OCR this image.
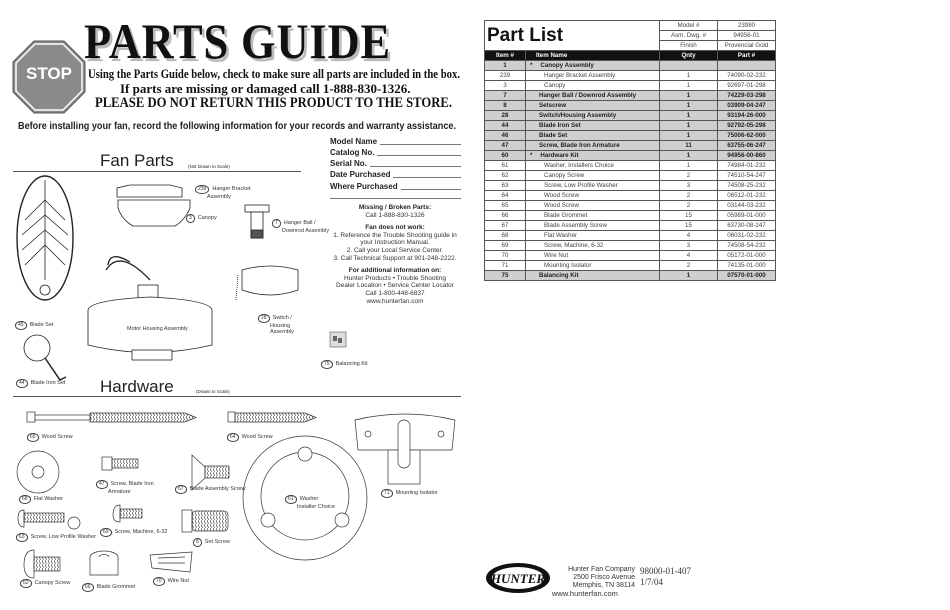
PARTS GUIDE
STOP	Using the Parts Guide below, check to make sure all parts are included in the box.
If parts are missing or damaged call 1-888-830-1326.
PLEASE DO NOT RETURN THIS PRODUCT TO THE STORE.
Before installing your fan, record the following information for your records and warranty assistance.
Model Name
Catalog No.
Serial No.
Date Purchased
Where Purchased
Missing / Broken Parts:
Call 1-888-830-1326

Fan does not work:
1. Reference the Trouble Shooting guide in
your Instruction Manual.
2. Call your Local Service Center.
3. Call Technical Support at 901-248-2222.

For additional information on:
Hunter Products • Trouble Shooting
Dealer Location • Service Center Locator
Call 1-800-448-6837
www.hunterfan.com
Fan Parts	(Not Drawn to Scale)
239 Hanger Bracket
Assembly
3 Canopy
7 Hanger Ball /
Downrod Assembly
Motor Housing Assembly
28 Switch /
Housing
Assembly
45 Blade Set
44 Blade Iron Set
75 Balancing Kit
Hardware	(Drawn to Scale)
65 Wood Screw	64 Wood Screw
68 Flat Washer
47 Screw, Blade Iron
Armature	67 Blade Assembly Screw
61 Washer
Installer Choice
71 Mounting Isolator
63 Screw, Low Profile Washer
69 Screw, Machine, 6-32
8 Set Screw
62 Canopy Screw
66 Blade Grommet
70 Wire Nut
Part List		Model #	23980
		Asm. Dwg. #	94956-01
		Finish	Provencial Gold
Item #	Item Name	Qnty	Part #
1	* Canopy Assembly		
239	Hanger Bracket Assembly	1	74090-02-232
3	Canopy	1	92697-01-298
7	Hanger Ball / Downrod Assembly	1	74229-03-298
8	Setscrew	1	03909-04-247
28	Switch/Housing Assembly	1	93194-26-000
44	Blade Iron Set	1	92792-05-298
46	Blade Set	1	75006-62-000
47	Screw, Blade Iron Armature	11	63755-06-247
60	* Hardware Kit	1	94956-00-860
61	Washer, Installers Choice	1	74984-01-232
62	Canopy Screw	2	74510-54-247
63	Screw, Low Profile Washer	3	74508-25-232
64	Wood Screw	2	06512-01-232
65	Wood Screw	2	03144-03-232
66	Blade Grommet	15	05989-01-000
67	Blade Assembly Screw	15	63730-08-247
68	Flat Washer	4	06031-02-232
69	Screw, Machine, 6-32	3	74508-54-232
70	Wire Nut	4	05172-01-000
71	Mounting Isolator	2	74135-01-000
75	Balancing Kit	1	07570-01-000
HUNTER
Hunter Fan Company
2500 Frisco Avenue
Memphis, TN 38114
www.hunterfan.com
98000-01-407
1/7/04
